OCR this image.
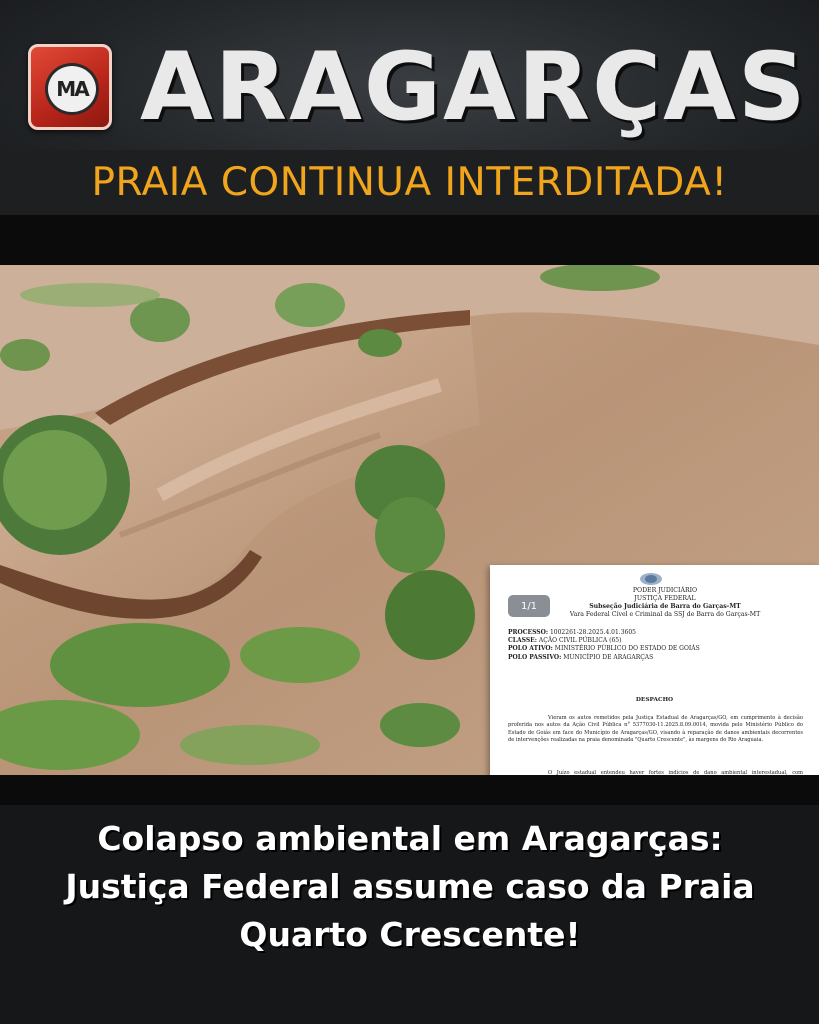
MA ARAGARÇAS
PRAIA CONTINUA INTERDITADA!
1/1
PODER JUDICIÁRIO
JUSTIÇA FEDERAL
Subseção Judiciária de Barra do Garças-MT
Vara Federal Cível e Criminal da SSJ de Barra do Garças-MT
PROCESSO: 1002261-28.2025.4.01.3605
CLASSE: AÇÃO CIVIL PÚBLICA (65)
POLO ATIVO: MINISTÉRIO PÚBLICO DO ESTADO DE GOIÁS
POLO PASSIVO: MUNICÍPIO DE ARAGARÇAS
DESPACHO
Vieram os autos remetidos pela Justiça Estadual de Aragarças/GO, em cumprimento à decisão proferida nos autos da Ação Civil Pública n° 5377030-11.2025.8.09.0014, movida pelo Ministério Público do Estado de Goiás em face do Município de Aragarças/GO, visando à reparação de danos ambientais decorrentes de intervenções realizadas na praia denominada "Quarto Crescente", às margens do Rio Araguaia.
O Juízo estadual entendeu haver fortes indícios de dano ambiental interestadual, com
Colapso ambiental em Aragarças:
Justiça Federal assume caso da Praia
Quarto Crescente!
